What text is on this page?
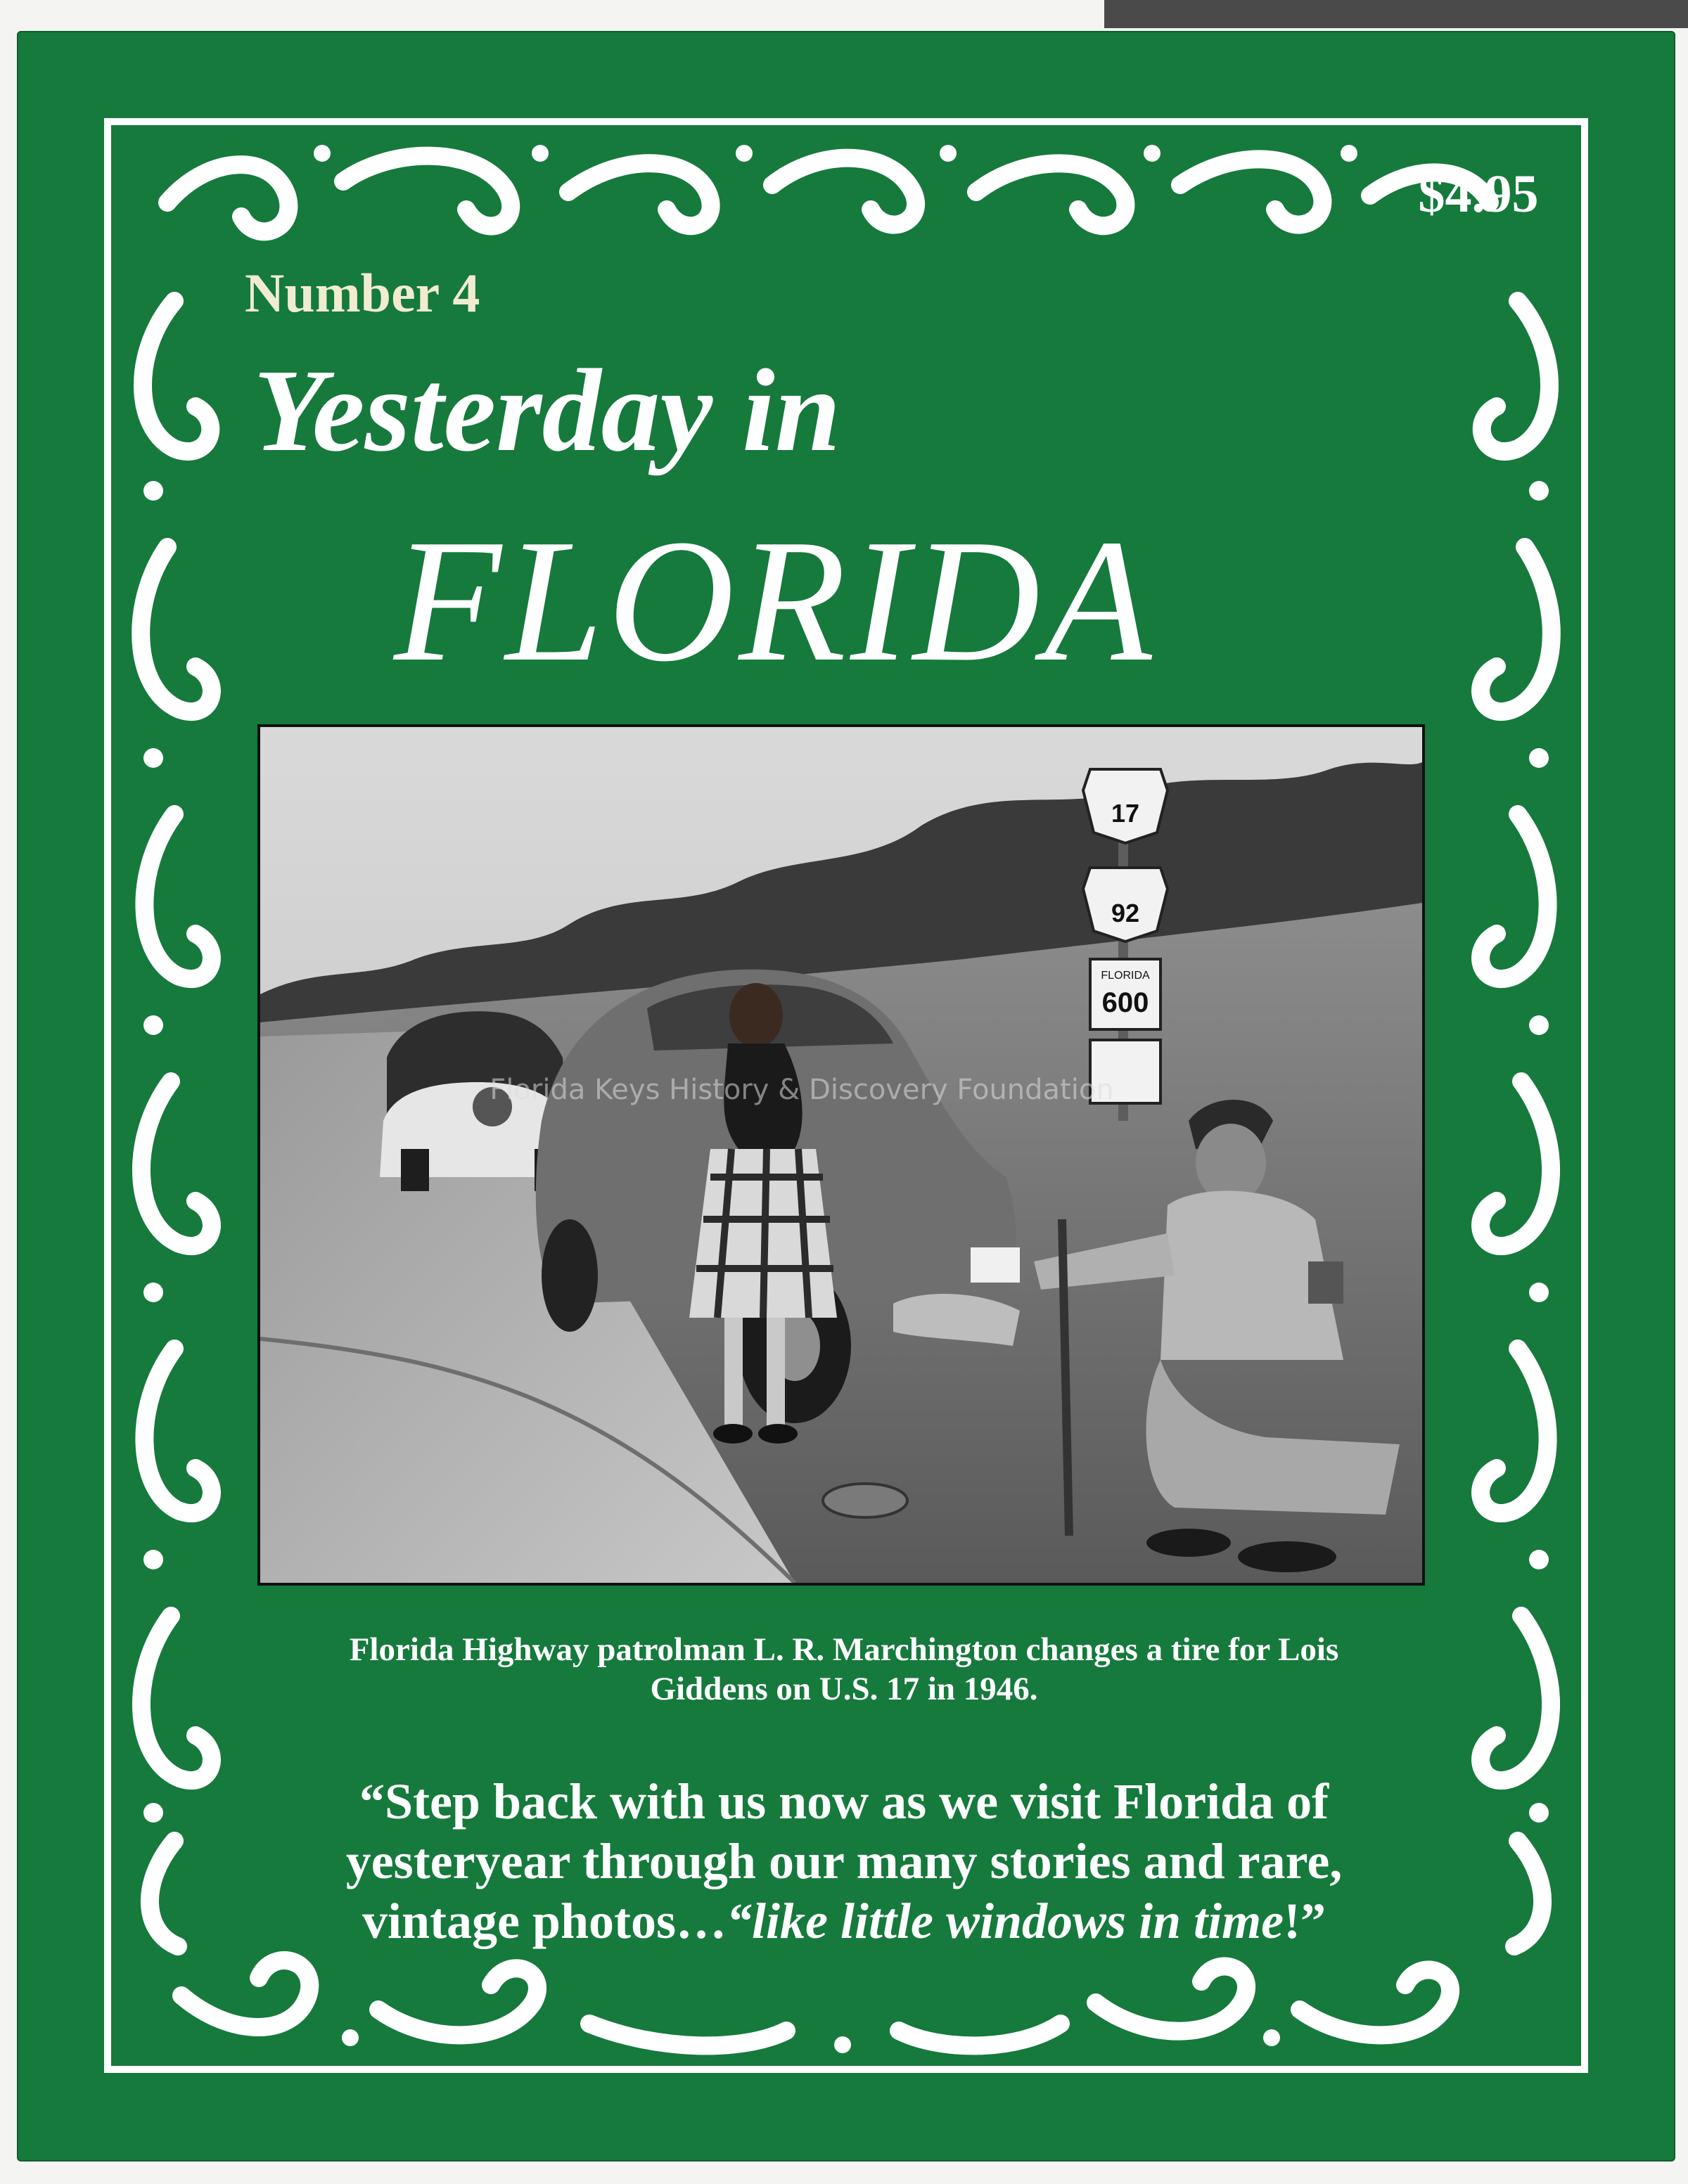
$4.95
Number 4
Yesterday in
FLORIDA
17
92
FLORIDA
600
Florida Keys History & Discovery Foundation
Florida Highway patrolman L. R. Marchington changes a tire for Lois
Giddens on U.S. 17 in 1946.
“Step back with us now as we visit Florida of
yesteryear through our many stories and rare,
vintage photos…“like little windows in time!”
